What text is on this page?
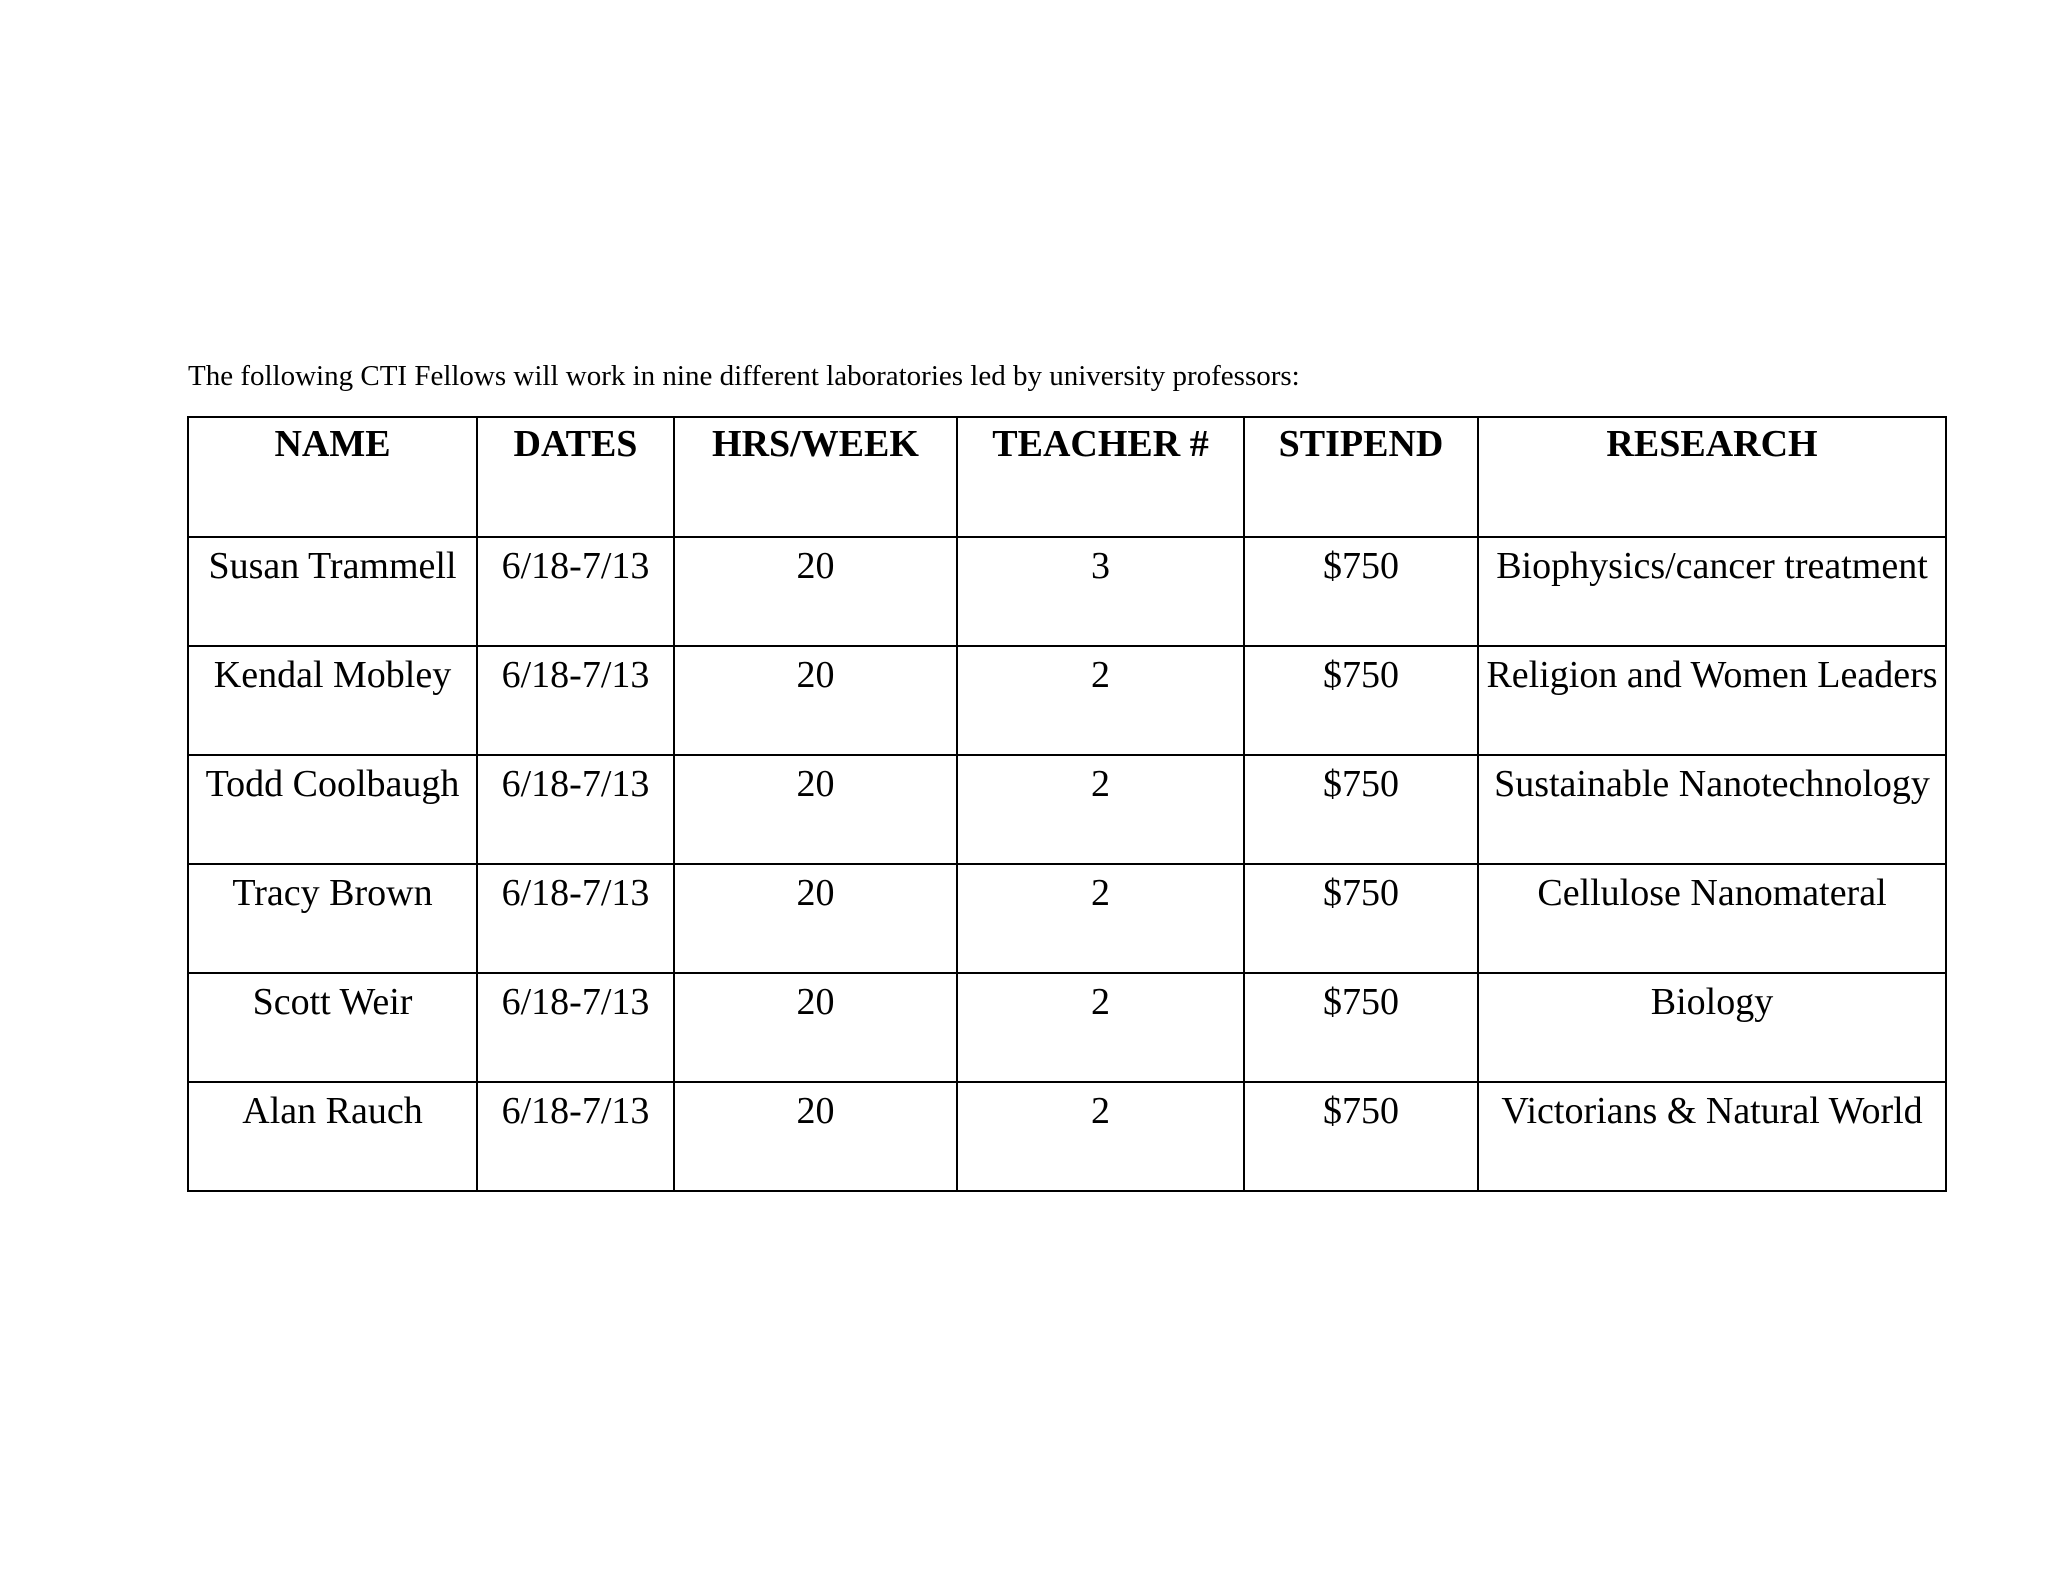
The following CTI Fellows will work in nine different laboratories led by university professors:

NAME	DATES	HRS/WEEK	TEACHER #	STIPEND	RESEARCH
Susan Trammell	6/18-7/13	20	3	$750	Biophysics/cancer treatment
Kendal Mobley	6/18-7/13	20	2	$750	Religion and Women Leaders
Todd Coolbaugh	6/18-7/13	20	2	$750	Sustainable Nanotechnology
Tracy Brown	6/18-7/13	20	2	$750	Cellulose Nanomateral
Scott Weir	6/18-7/13	20	2	$750	Biology
Alan Rauch	6/18-7/13	20	2	$750	Victorians & Natural World
